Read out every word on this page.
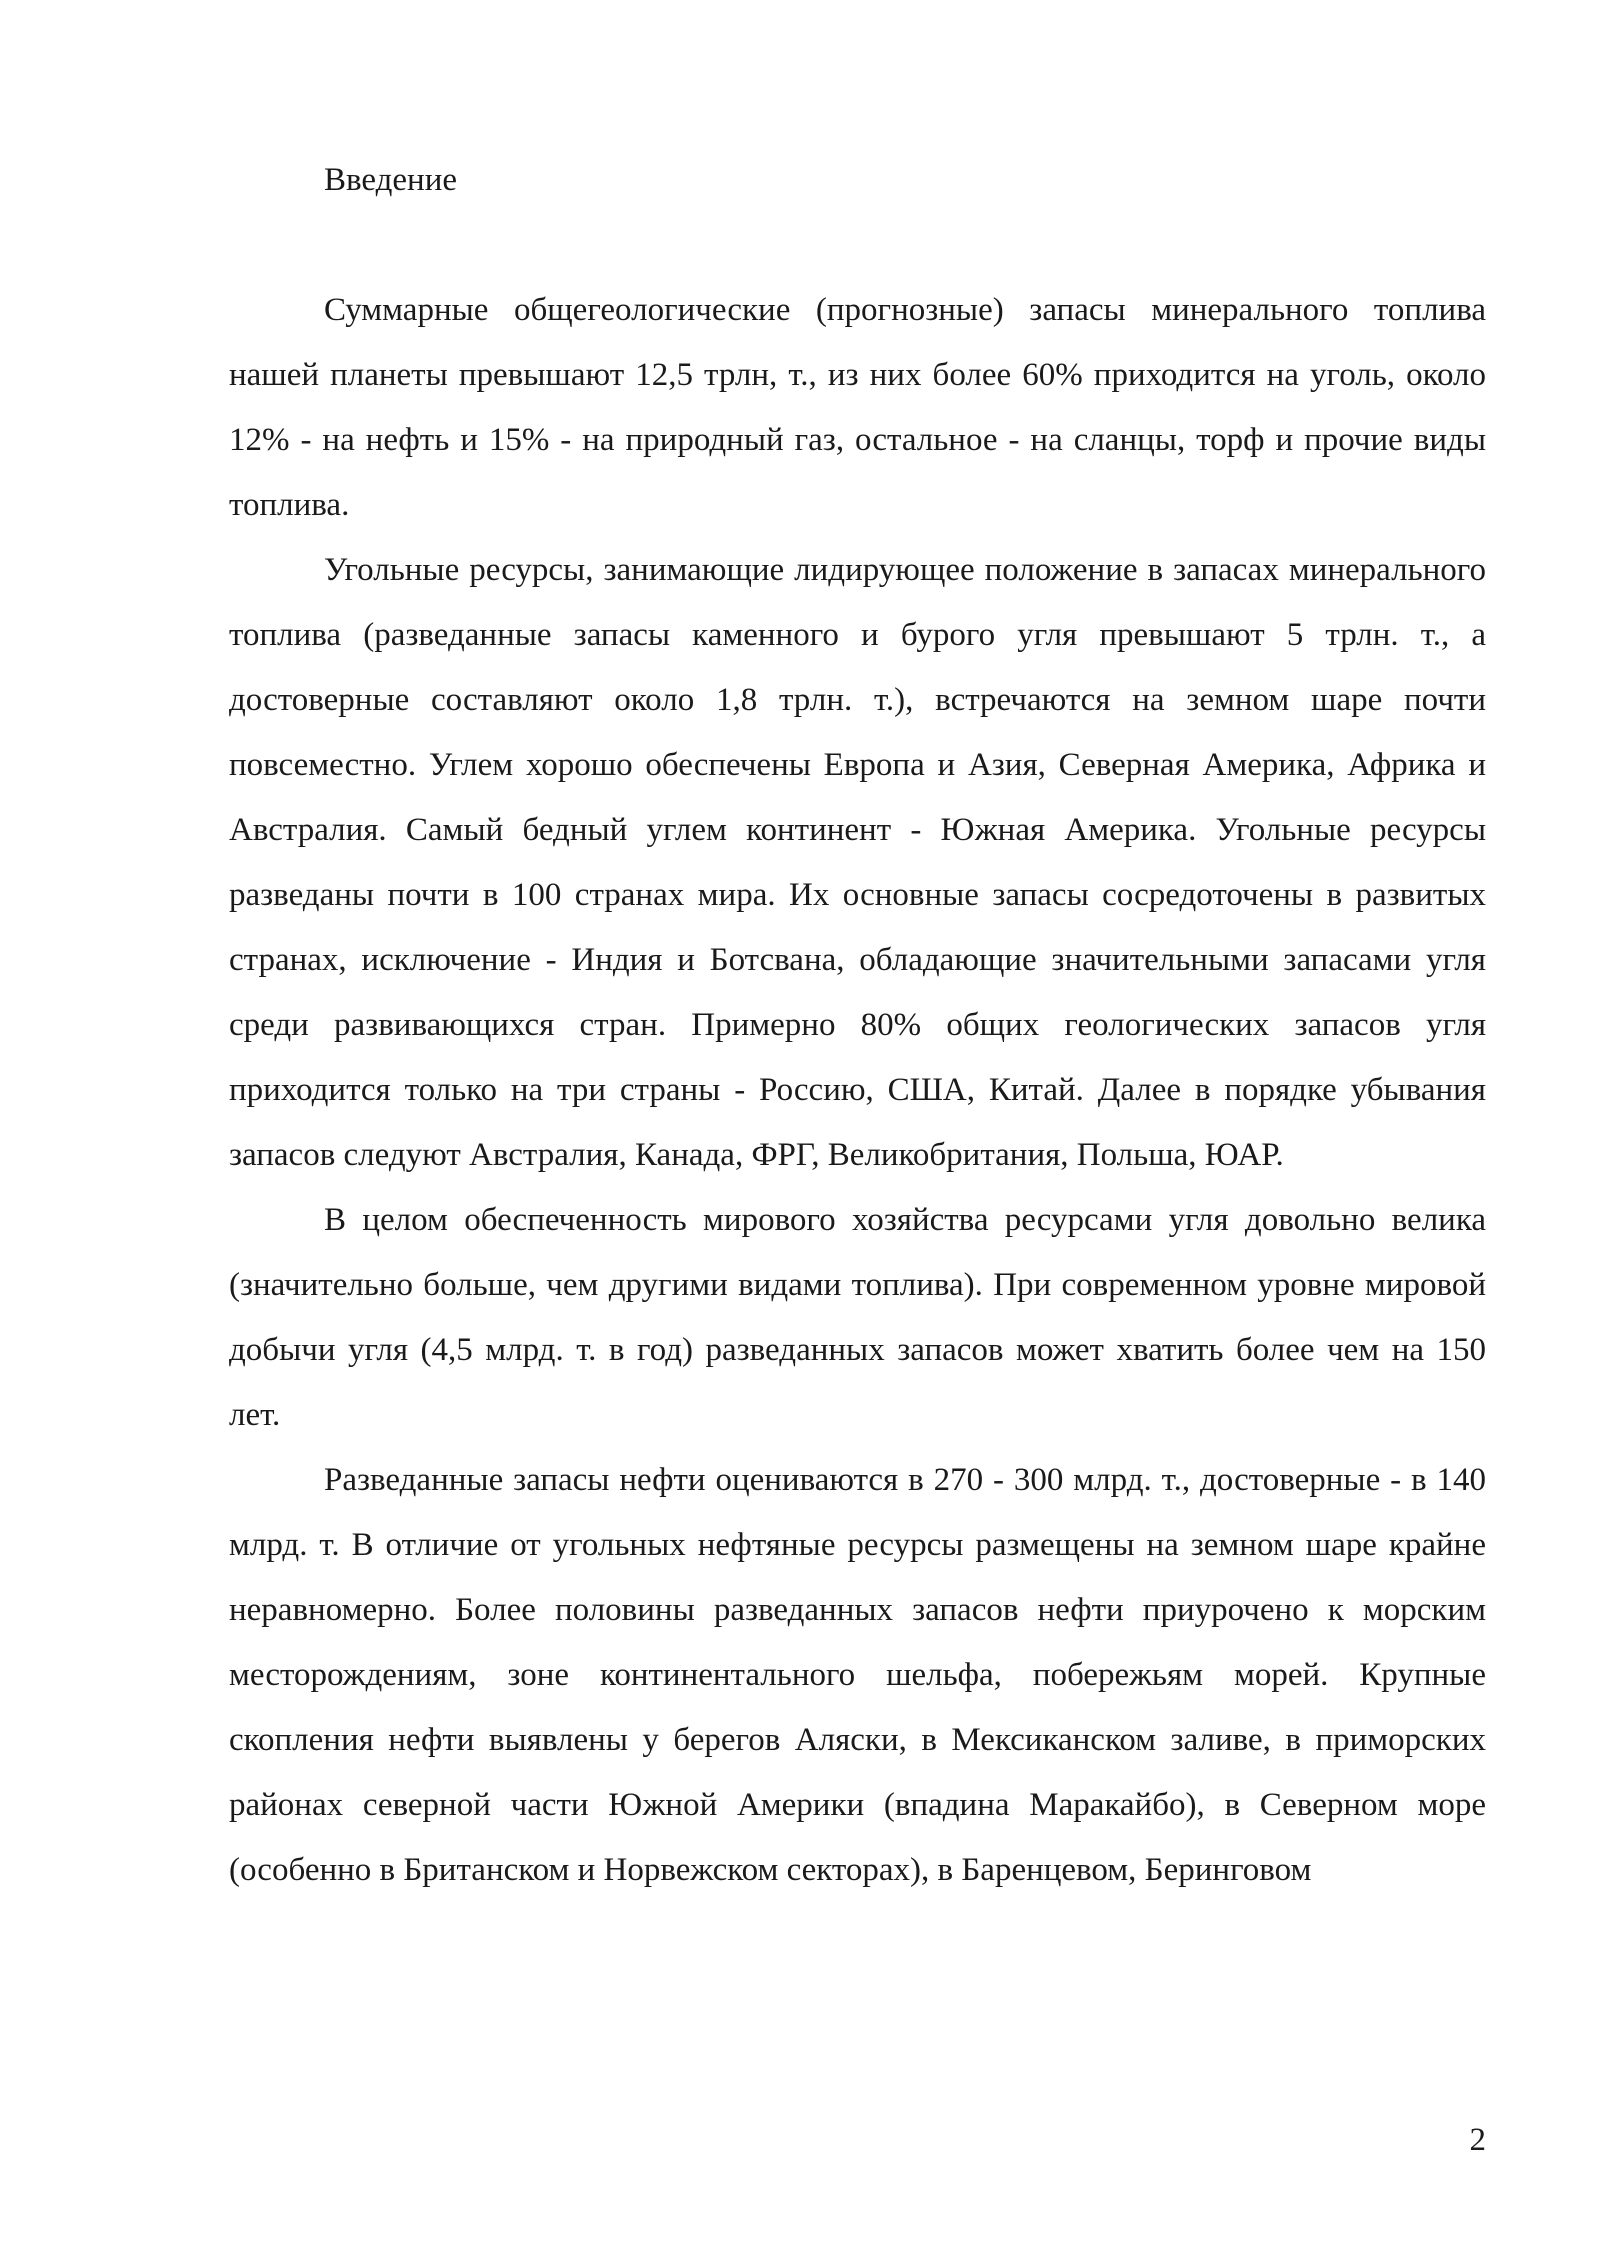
Введение

Суммарные общегеологические (прогнозные) запасы минерального топлива нашей планеты превышают 12,5 трлн, т., из них более 60% приходится на уголь, около 12% - на нефть и 15% - на природный газ, остальное - на сланцы, торф и прочие виды топлива.

Угольные ресурсы, занимающие лидирующее положение в запасах минерального топлива (разведанные запасы каменного и бурого угля превышают 5 трлн. т., а достоверные составляют около 1,8 трлн. т.), встречаются на земном шаре почти повсеместно. Углем хорошо обеспечены Европа и Азия, Северная Америка, Африка и Австралия. Самый бедный углем континент - Южная Америка. Угольные ресурсы разведаны почти в 100 странах мира. Их основные запасы сосредоточены в развитых странах, исключение - Индия и Ботсвана, обладающие значительными запасами угля среди развивающихся стран. Примерно 80% общих геологических запасов угля приходится только на три страны - Россию, США, Китай. Далее в порядке убывания запасов следуют Австралия, Канада, ФРГ, Великобритания, Польша, ЮАР.

В целом обеспеченность мирового хозяйства ресурсами угля довольно велика (значительно больше, чем другими видами топлива). При современном уровне мировой добычи угля (4,5 млрд. т. в год) разведанных запасов может хватить более чем на 150 лет.

Разведанные запасы нефти оцениваются в 270 - 300 млрд. т., достоверные - в 140 млрд. т. В отличие от угольных нефтяные ресурсы размещены на земном шаре крайне неравномерно. Более половины разведанных запасов нефти приурочено к морским месторождениям, зоне континентального шельфа, побережьям морей. Крупные скопления нефти выявлены у берегов Аляски, в Мексиканском заливе, в приморских районах северной части Южной Америки (впадина Маракайбо), в Северном море (особенно в Британском и Норвежском секторах), в Баренцевом, Беринговом

2
